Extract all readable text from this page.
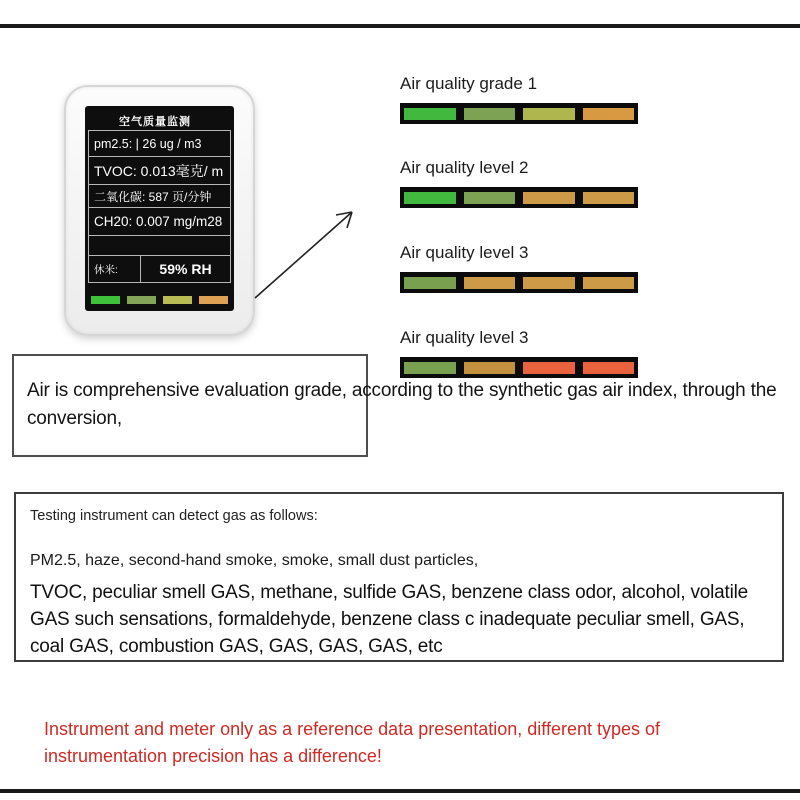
空气质量监测
pm2.5: | 26 ug / m3
TVOC: 0.013毫克/ m
二氧化碳: 587 页/分钟
CH20: 0.007 mg/m28
休米:	59% RH
Air quality grade 1
Air quality level 2
Air quality level 3
Air quality level 3
Air is comprehensive evaluation grade, according to the synthetic gas air index, through the conversion,
Testing instrument can detect gas as follows:
PM2.5, haze, second-hand smoke, smoke, small dust particles,
TVOC, peculiar smell GAS, methane, sulfide GAS, benzene class odor, alcohol, volatile GAS such sensations, formaldehyde, benzene class c inadequate peculiar smell, GAS, coal GAS, combustion GAS, GAS, GAS, GAS, etc
Instrument and meter only as a reference data presentation, different types of instrumentation precision has a difference!
